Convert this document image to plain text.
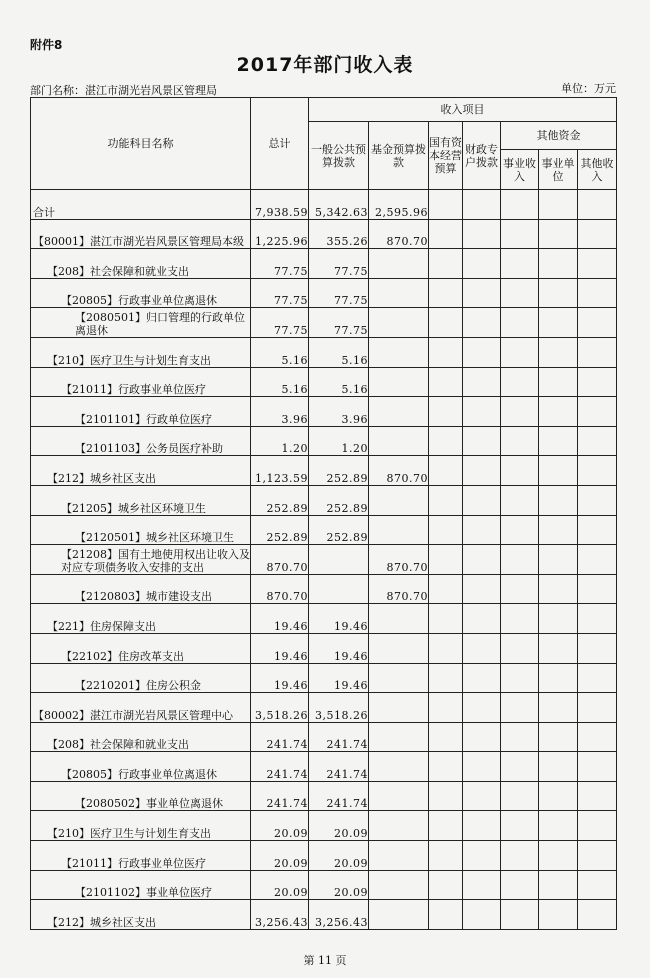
附件8
2017年部门收入表
部门名称：湛江市湖光岩风景区管理局	单位：万元
功能科目名称	总计	收入项目						
		一般公共预算拨款	基金预算拨款	国有资本经营预算	财政专户拨款	其他资金		
						事业收入	事业单位	其他收入
合计	7,938.59	5,342.63	2,595.96					
【80001】湛江市湖光岩风景区管理局本级	1,225.96	355.26	870.70					
【208】社会保障和就业支出	77.75	77.75						
【20805】行政事业单位离退休	77.75	77.75						
【2080501】归口管理的行政单位离退休	77.75	77.75						
【210】医疗卫生与计划生育支出	5.16	5.16						
【21011】行政事业单位医疗	5.16	5.16						
【2101101】行政单位医疗	3.96	3.96						
【2101103】公务员医疗补助	1.20	1.20						
【212】城乡社区支出	1,123.59	252.89	870.70					
【21205】城乡社区环境卫生	252.89	252.89						
【2120501】城乡社区环境卫生	252.89	252.89						
【21208】国有土地使用权出让收入及对应专项债务收入安排的支出	870.70		870.70					
【2120803】城市建设支出	870.70		870.70					
【221】住房保障支出	19.46	19.46						
【22102】住房改革支出	19.46	19.46						
【2210201】住房公积金	19.46	19.46						
【80002】湛江市湖光岩风景区管理中心	3,518.26	3,518.26						
【208】社会保障和就业支出	241.74	241.74						
【20805】行政事业单位离退休	241.74	241.74						
【2080502】事业单位离退休	241.74	241.74						
【210】医疗卫生与计划生育支出	20.09	20.09						
【21011】行政事业单位医疗	20.09	20.09						
【2101102】事业单位医疗	20.09	20.09						
【212】城乡社区支出	3,256.43	3,256.43						
第 11 页
